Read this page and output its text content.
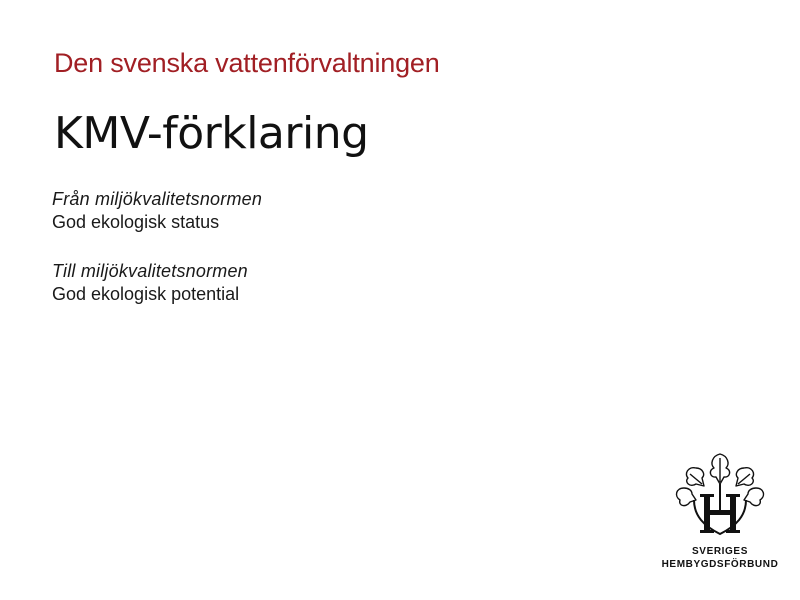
Den svenska vattenförvaltningen
KMV-förklaring
Från miljökvalitetsnormen
God ekologisk status
Till miljökvalitetsnormen
God ekologisk potential
SVERIGES
HEMBYGDSFÖRBUND
